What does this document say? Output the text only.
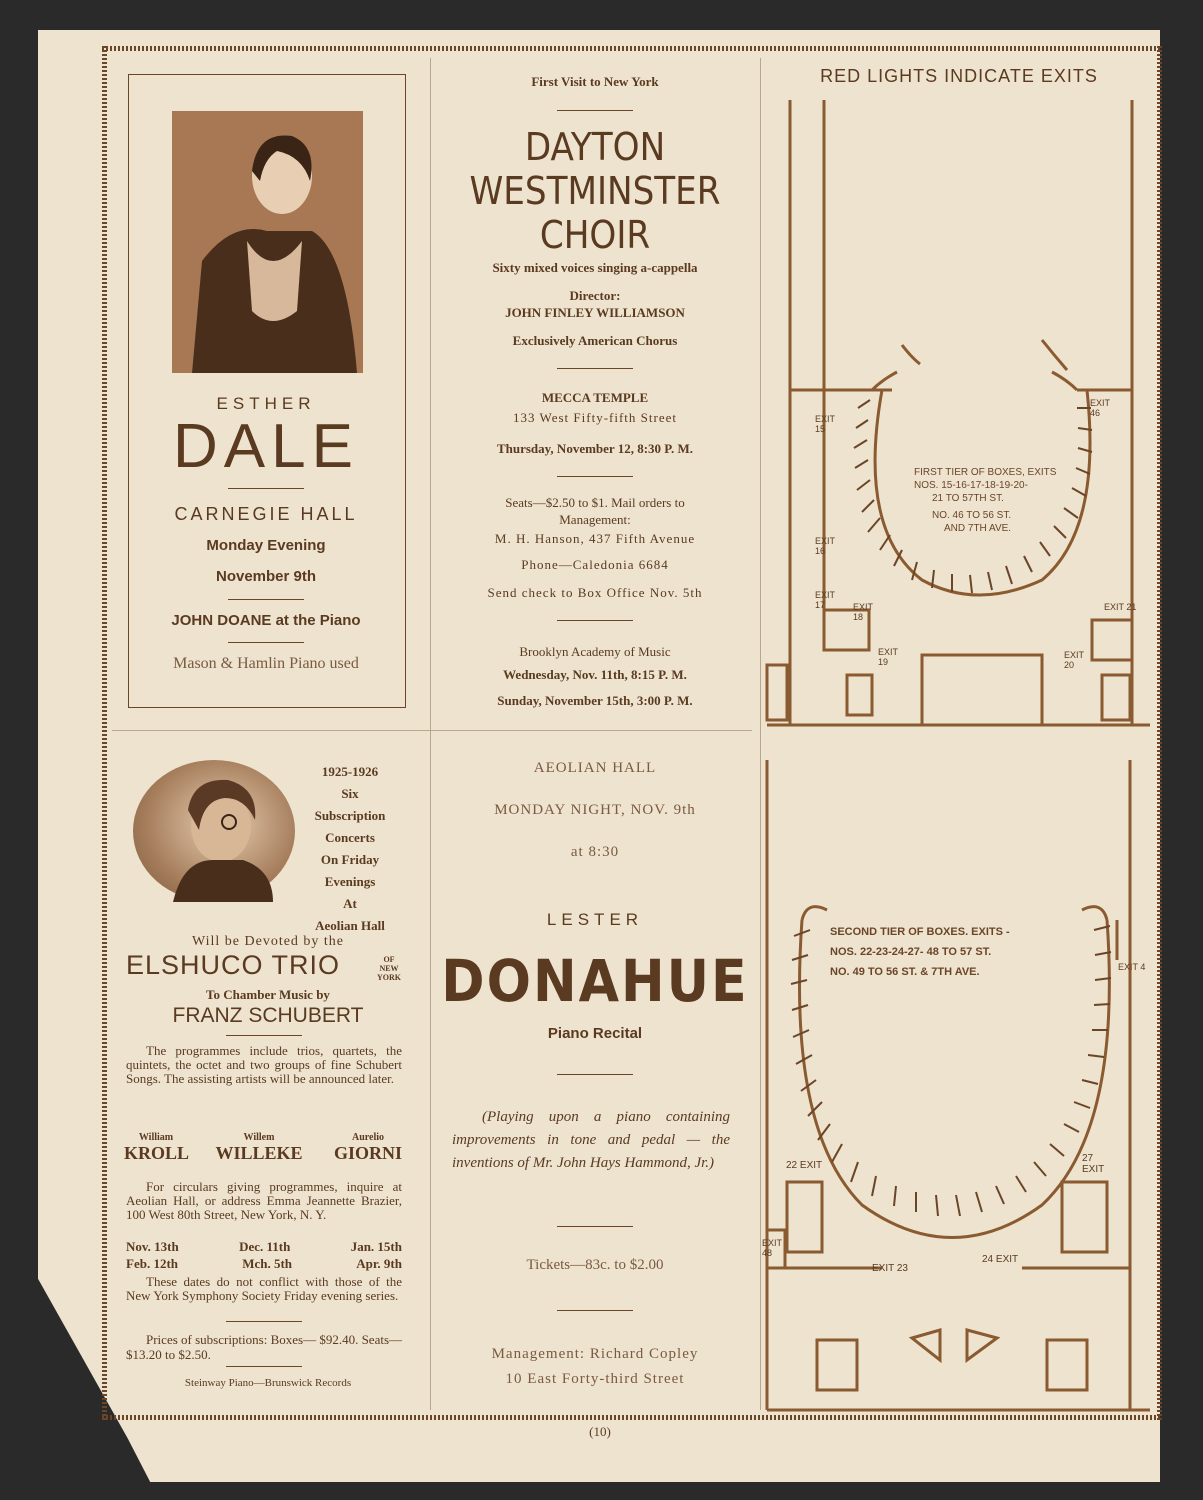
ESTHER
DALE
CARNEGIE HALL
Monday Evening
November 9th
JOHN DOANE at the Piano
Mason & Hamlin Piano used
First Visit to New York
DAYTON
WESTMINSTER
CHOIR
Sixty mixed voices singing a-cappella
Director:
JOHN FINLEY WILLIAMSON
Exclusively American Chorus
MECCA TEMPLE
133 West Fifty-fifth Street
Thursday, November 12, 8:30 P. M.
Seats—$2.50 to $1. Mail orders to
Management:
M. H. Hanson, 437 Fifth Avenue
Phone—Caledonia 6684
Send check to Box Office Nov. 5th
Brooklyn Academy of Music
Wednesday, Nov. 11th, 8:15 P. M.
Sunday, November 15th, 3:00 P. M.
RED LIGHTS INDICATE EXITS
FIRST TIER OF BOXES, EXITS
NOS. 15-16-17-18-19-20-
21 TO 57TH ST.
NO. 46 TO 56 ST.
AND 7TH AVE.
EXIT 15
EXIT 16
EXIT 17	EXIT 18
EXIT 19
EXIT 20
EXIT 21
EXIT 46
SECOND TIER OF BOXES. EXITS -
NOS. 22-23-24-27- 48 TO 57 ST.
NO. 49 TO 56 ST. & 7TH AVE.
22 EXIT
EXIT 23
24 EXIT
27 EXIT
EXIT 48
EXIT 4
1925-1926
Six
Subscription
Concerts
On Friday
Evenings
At
Aeolian Hall
Will be Devoted by the
ELSHUCO TRIO	OF
NEW
YORK
To Chamber Music by
FRANZ SCHUBERT
The programmes include trios, quartets, the quintets, the octet and two groups of fine Schubert Songs. The assisting artists will be announced later.
William
KROLL
Willem
WILLEKE
Aurelio
GIORNI
For circulars giving programmes, inquire at Aeolian Hall, or address Emma Jeannette Brazier, 100 West 80th Street, New York, N. Y.
Nov. 13th	Dec. 11th	Jan. 15th
Feb. 12th	Mch. 5th	Apr. 9th
These dates do not conflict with those of the New York Symphony Society Friday evening series.
Prices of subscriptions: Boxes— $92.40. Seats—$13.20 to $2.50.
Steinway Piano—Brunswick Records
AEOLIAN HALL
MONDAY NIGHT, NOV. 9th
at 8:30
LESTER
DONAHUE
Piano Recital
(Playing upon a piano containing improvements in tone and pedal — the inventions of Mr. John Hays Hammond, Jr.)
Tickets—83c. to $2.00
Management: Richard Copley
10 East Forty-third Street
(10)
